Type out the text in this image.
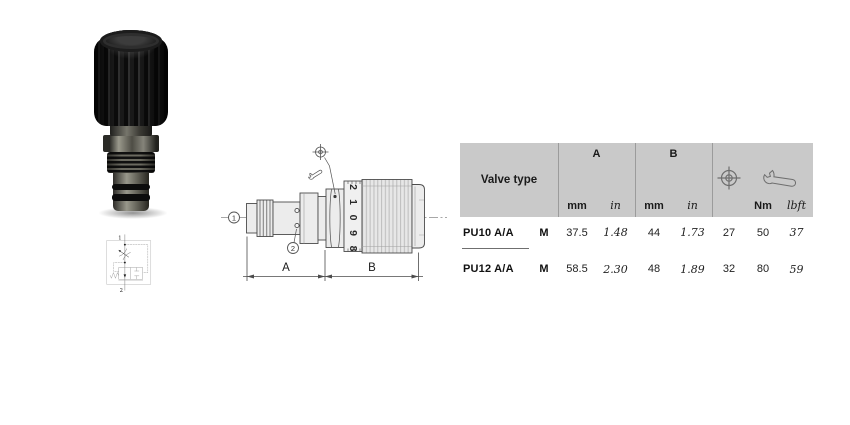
1
2
2
1
0
9
8
1
2
A	B
Valve type
A	B
mm	in	mm	in	Nm	lbft
PU10 A/A	M	37.5	1.48	44	1.73	27	50	37
PU12 A/A	M	58.5	2.30	48	1.89	32	80	59
